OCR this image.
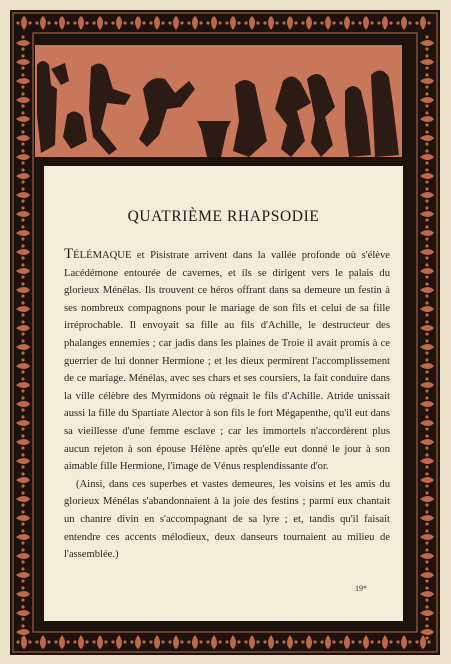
QUATRIÈME RHAPSODIE

TÉLÉMAQUE et Pisistrate arrivent dans la vallée profonde où s'élève Lacédémone entourée de cavernes, et ils se dirigent vers le palais du glorieux Ménélas. Ils trouvent ce héros offrant dans sa demeure un festin à ses nombreux compagnons pour le mariage de son fils et celui de sa fille irréprochable. Il envoyait sa fille au fils d'Achille, le destructeur des phalanges ennemies ; car jadis dans les plaines de Troie il avait promis à ce guerrier de lui donner Hermione ; et les dieux permirent l'accomplissement de ce mariage. Ménélas, avec ses chars et ses coursiers, la fait conduire dans la ville célèbre des Myrmidons où régnait le fils d'Achille. Atride unissait aussi la fille du Spartiate Alector à son fils le fort Mégapenthe, qu'il eut dans sa vieillesse d'une femme esclave ; car les immortels n'accordèrent plus aucun rejeton à son épouse Hélène après qu'elle eut donné le jour à son aimable fille Hermione, l'image de Vénus resplendissante d'or.

(Ainsi, dans ces superbes et vastes demeures, les voisins et les amis du glorieux Ménélas s'abandonnaient à la joie des festins ; parmi eux chantait un chantre divin en s'accompagnant de sa lyre ; et, tandis qu'il faisait entendre ces accents mélodieux, deux danseurs tournaient au milieu de l'assemblée.)

19*
